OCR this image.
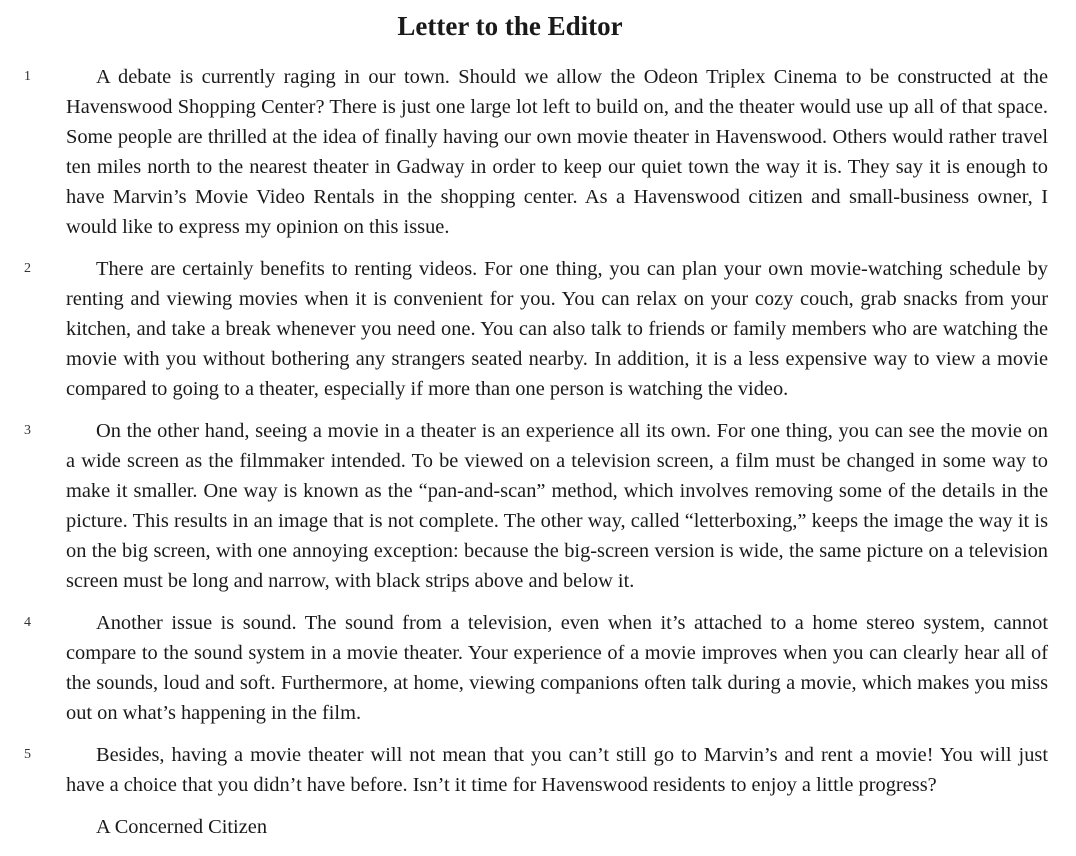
Letter to the Editor
1	A debate is currently raging in our town. Should we allow the Odeon Triplex Cinema to be constructed at the Havenswood Shopping Center? There is just one large lot left to build on, and the theater would use up all of that space. Some people are thrilled at the idea of finally having our own movie theater in Havenswood. Others would rather travel ten miles north to the nearest theater in Gadway in order to keep our quiet town the way it is. They say it is enough to have Marvin’s Movie Video Rentals in the shopping center. As a Havenswood citizen and small-business owner, I would like to express my opinion on this issue.
2	There are certainly benefits to renting videos. For one thing, you can plan your own movie-watching schedule by renting and viewing movies when it is convenient for you. You can relax on your cozy couch, grab snacks from your kitchen, and take a break whenever you need one. You can also talk to friends or family members who are watching the movie with you without bothering any strangers seated nearby. In addition, it is a less expensive way to view a movie compared to going to a theater, especially if more than one person is watching the video.
3	On the other hand, seeing a movie in a theater is an experience all its own. For one thing, you can see the movie on a wide screen as the filmmaker intended. To be viewed on a television screen, a film must be changed in some way to make it smaller. One way is known as the “pan-and-scan” method, which involves removing some of the details in the picture. This results in an image that is not complete. The other way, called “letterboxing,” keeps the image the way it is on the big screen, with one annoying exception: because the big-screen version is wide, the same picture on a television screen must be long and narrow, with black strips above and below it.
4	Another issue is sound. The sound from a television, even when it’s attached to a home stereo system, cannot compare to the sound system in a movie theater. Your experience of a movie improves when you can clearly hear all of the sounds, loud and soft. Furthermore, at home, viewing companions often talk during a movie, which makes you miss out on what’s happening in the film.
5	Besides, having a movie theater will not mean that you can’t still go to Marvin’s and rent a movie! You will just have a choice that you didn’t have before. Isn’t it time for Havenswood residents to enjoy a little progress?

A Concerned Citizen
